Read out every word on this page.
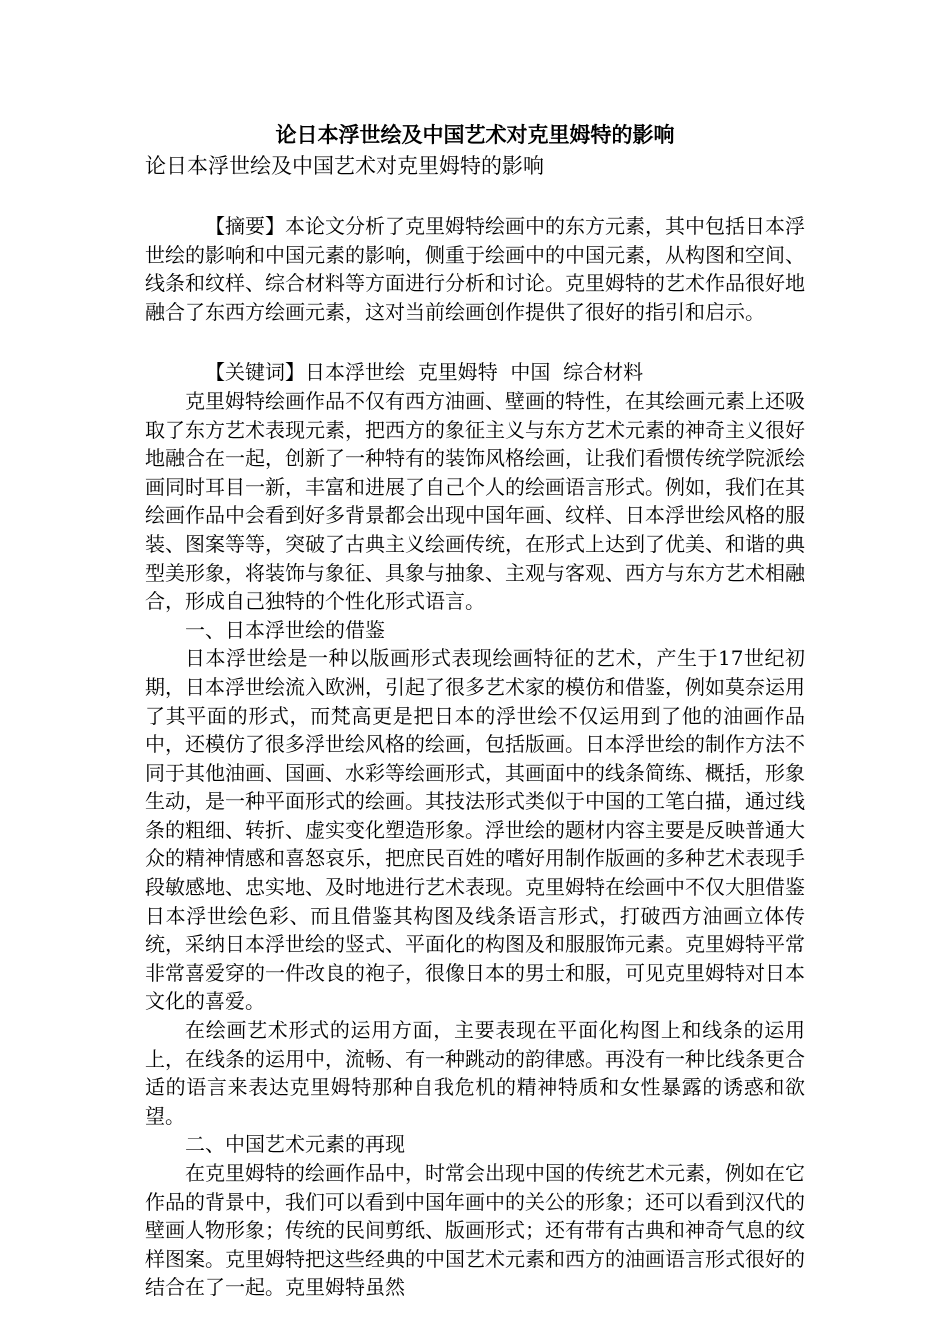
论日本浮世绘及中国艺术对克里姆特的影响
论日本浮世绘及中国艺术对克里姆特的影响

【摘要】本论文分析了克里姆特绘画中的东方元素，其中包括日本浮世绘的影响和中国元素的影响，侧重于绘画中的中国元素，从构图和空间、线条和纹样、综合材料等方面进行分析和讨论。克里姆特的艺术作品很好地融合了东西方绘画元素，这对当前绘画创作提供了很好的指引和启示。

【关键词】日本浮世绘  克里姆特  中国  综合材料

克里姆特绘画作品不仅有西方油画、壁画的特性，在其绘画元素上还吸取了东方艺术表现元素，把西方的象征主义与东方艺术元素的神奇主义很好地融合在一起，创新了一种特有的装饰风格绘画，让我们看惯传统学院派绘画同时耳目一新，丰富和进展了自己个人的绘画语言形式。例如，我们在其绘画作品中会看到好多背景都会出现中国年画、纹样、日本浮世绘风格的服装、图案等等，突破了古典主义绘画传统，在形式上达到了优美、和谐的典型美形象，将装饰与象征、具象与抽象、主观与客观、西方与东方艺术相融合，形成自己独特的个性化形式语言。

一、日本浮世绘的借鉴

日本浮世绘是一种以版画形式表现绘画特征的艺术，产生于17世纪初期，日本浮世绘流入欧洲，引起了很多艺术家的模仿和借鉴，例如莫奈运用了其平面的形式，而梵高更是把日本的浮世绘不仅运用到了他的油画作品中，还模仿了很多浮世绘风格的绘画，包括版画。日本浮世绘的制作方法不同于其他油画、国画、水彩等绘画形式，其画面中的线条简练、概括，形象生动，是一种平面形式的绘画。其技法形式类似于中国的工笔白描，通过线条的粗细、转折、虚实变化塑造形象。浮世绘的题材内容主要是反映普通大众的精神情感和喜怒哀乐，把庶民百姓的嗜好用制作版画的多种艺术表现手段敏感地、忠实地、及时地进行艺术表现。克里姆特在绘画中不仅大胆借鉴日本浮世绘色彩、而且借鉴其构图及线条语言形式，打破西方油画立体传统，采纳日本浮世绘的竖式、平面化的构图及和服服饰元素。克里姆特平常非常喜爱穿的一件改良的袍子，很像日本的男士和服，可见克里姆特对日本文化的喜爱。

在绘画艺术形式的运用方面，主要表现在平面化构图上和线条的运用上，在线条的运用中，流畅、有一种跳动的韵律感。再没有一种比线条更合适的语言来表达克里姆特那种自我危机的精神特质和女性暴露的诱惑和欲望。

二、中国艺术元素的再现

在克里姆特的绘画作品中，时常会出现中国的传统艺术元素，例如在它作品的背景中，我们可以看到中国年画中的关公的形象；还可以看到汉代的壁画人物形象；传统的民间剪纸、版画形式；还有带有古典和神奇气息的纹样图案。克里姆特把这些经典的中国艺术元素和西方的油画语言形式很好的结合在了一起。克里姆特虽然
